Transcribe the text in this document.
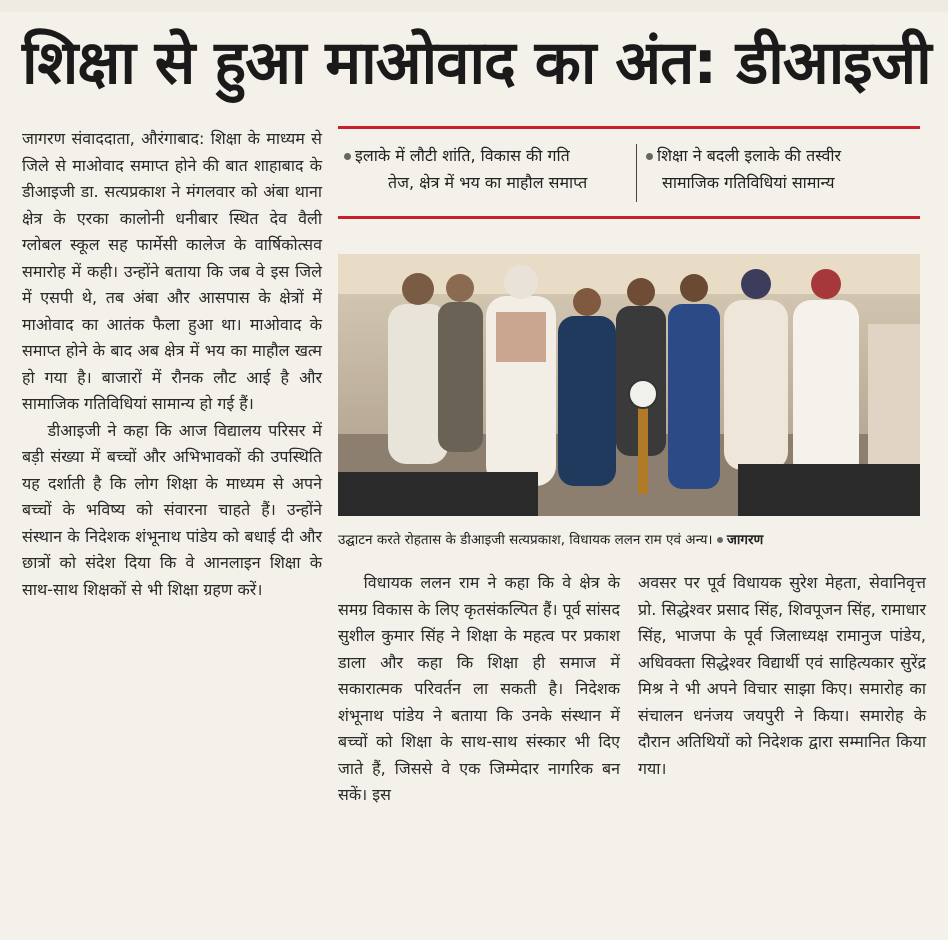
शिक्षा से हुआ माओवाद का अंत: डीआइजी

जागरण संवाददाता, औरंगाबाद: शिक्षा के माध्यम से जिले से माओवाद समाप्त होने की बात शाहाबाद के डीआइजी डा. सत्यप्रकाश ने मंगलवार को अंबा थाना क्षेत्र के एरका कालोनी धनीबार स्थित देव वैली ग्लोबल स्कूल सह फार्मेसी कालेज के वार्षिकोत्सव समारोह में कही। उन्होंने बताया कि जब वे इस जिले में एसपी थे, तब अंबा और आसपास के क्षेत्रों में माओवाद का आतंक फैला हुआ था। माओवाद के समाप्त होने के बाद अब क्षेत्र में भय का माहौल खत्म हो गया है। बाजारों में रौनक लौट आई है और सामाजिक गतिविधियां सामान्य हो गई हैं।

डीआइजी ने कहा कि आज विद्यालय परिसर में बड़ी संख्या में बच्चों और अभिभावकों की उपस्थिति यह दर्शाती है कि लोग शिक्षा के माध्यम से अपने बच्चों के भविष्य को संवारना चाहते हैं। उन्होंने संस्थान के निदेशक शंभूनाथ पांडेय को बधाई दी और छात्रों को संदेश दिया कि वे आनलाइन शिक्षा के साथ-साथ शिक्षकों से भी शिक्षा ग्रहण करें।

इलाके में लौटी शांति, विकास की गति
तेज, क्षेत्र में भय का माहौल समाप्त
शिक्षा ने बदली इलाके की तस्वीर
सामाजिक गतिविधियां सामान्य
उद्घाटन करते रोहतास के डीआइजी सत्यप्रकाश, विधायक ललन राम एवं अन्य। जागरण

विधायक ललन राम ने कहा कि वे क्षेत्र के समग्र विकास के लिए कृतसंकल्पित हैं। पूर्व सांसद सुशील कुमार सिंह ने शिक्षा के महत्व पर प्रकाश डाला और कहा कि शिक्षा ही समाज में सकारात्मक परिवर्तन ला सकती है। निदेशक शंभूनाथ पांडेय ने बताया कि उनके संस्थान में बच्चों को शिक्षा के साथ-साथ संस्कार भी दिए जाते हैं, जिससे वे एक जिम्मेदार नागरिक बन सकें। इस

अवसर पर पूर्व विधायक सुरेश मेहता, सेवानिवृत्त प्रो. सिद्धेश्वर प्रसाद सिंह, शिवपूजन सिंह, रामाधार सिंह, भाजपा के पूर्व जिलाध्यक्ष रामानुज पांडेय, अधिवक्ता सिद्धेश्वर विद्यार्थी एवं साहित्यकार सुरेंद्र मिश्र ने भी अपने विचार साझा किए। समारोह का संचालन धनंजय जयपुरी ने किया। समारोह के दौरान अतिथियों को निदेशक द्वारा सम्मानित किया गया।
